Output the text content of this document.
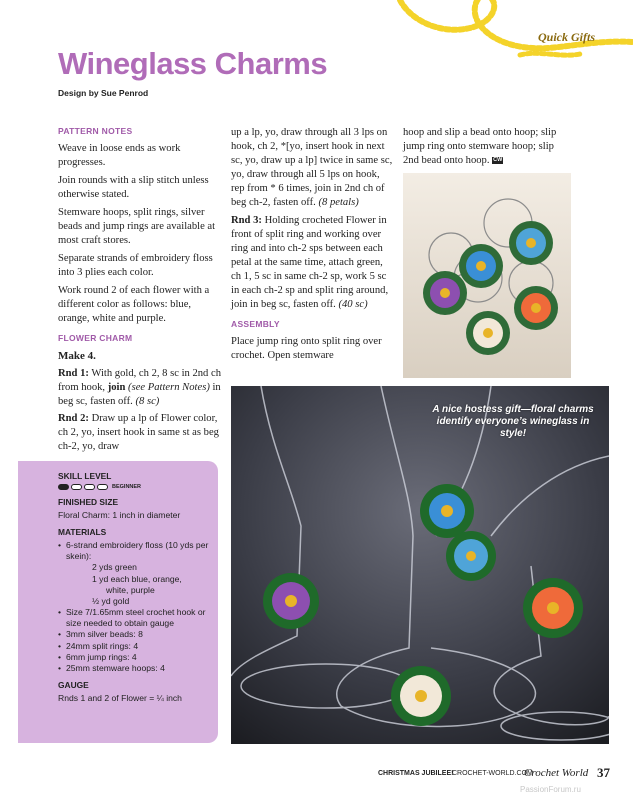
Quick Gifts
Wineglass Charms
Design by Sue Penrod
PATTERN NOTES

Weave in loose ends as work progresses.

Join rounds with a slip stitch unless otherwise stated.

Stemware hoops, split rings, silver beads and jump rings are available at most craft stores.

Separate strands of embroidery floss into 3 plies each color.

Work round 2 of each flower with a different color as follows: blue, orange, white and purple.

FLOWER CHARM

Make 4.

Rnd 1: With gold, ch 2, 8 sc in 2nd ch from hook, join (see Pattern Notes) in beg sc, fasten off. (8 sc)

Rnd 2: Draw up a lp of Flower color, ch 2, yo, insert hook in same st as beg ch-2, yo, draw

up a lp, yo, draw through all 3 lps on hook, ch 2, *[yo, insert hook in next sc, yo, draw up a lp] twice in same sc, yo, draw through all 5 lps on hook, rep from * 6 times, join in 2nd ch of beg ch-2, fasten off. (8 petals)

Rnd 3: Holding crocheted Flower in front of split ring and working over ring and into ch-2 sps between each petal at the same time, attach green, ch 1, 5 sc in same ch-2 sp, work 5 sc in each ch-2 sp and split ring around, join in beg sc, fasten off. (40 sc)

ASSEMBLY

Place jump ring onto split ring over crochet. Open stemware

hoop and slip a bead onto hoop; slip jump ring onto stemware hoop; slip 2nd bead onto hoop. CW

A nice hostess gift—floral charms identify everyone’s wineglass in style!
SKILL LEVEL
BEGINNER
FINISHED SIZE
Floral Charm: 1 inch in diameter
MATERIALS
• 6-strand embroidery floss (10 yds per skein):
2 yds green
1 yd each blue, orange,
white, purple
½ yd gold
• Size 7/1.65mm steel crochet hook or size needed to obtain gauge
• 3mm silver beads: 8
• 24mm split rings: 4
• 6mm jump rings: 4
• 25mm stemware hoops: 4
GAUGE
Rnds 1 and 2 of Flower = ¼ inch
CHRISTMAS JUBILEE!
CROCHET-WORLD.COM
Crochet World 37
PassionForum.ru
